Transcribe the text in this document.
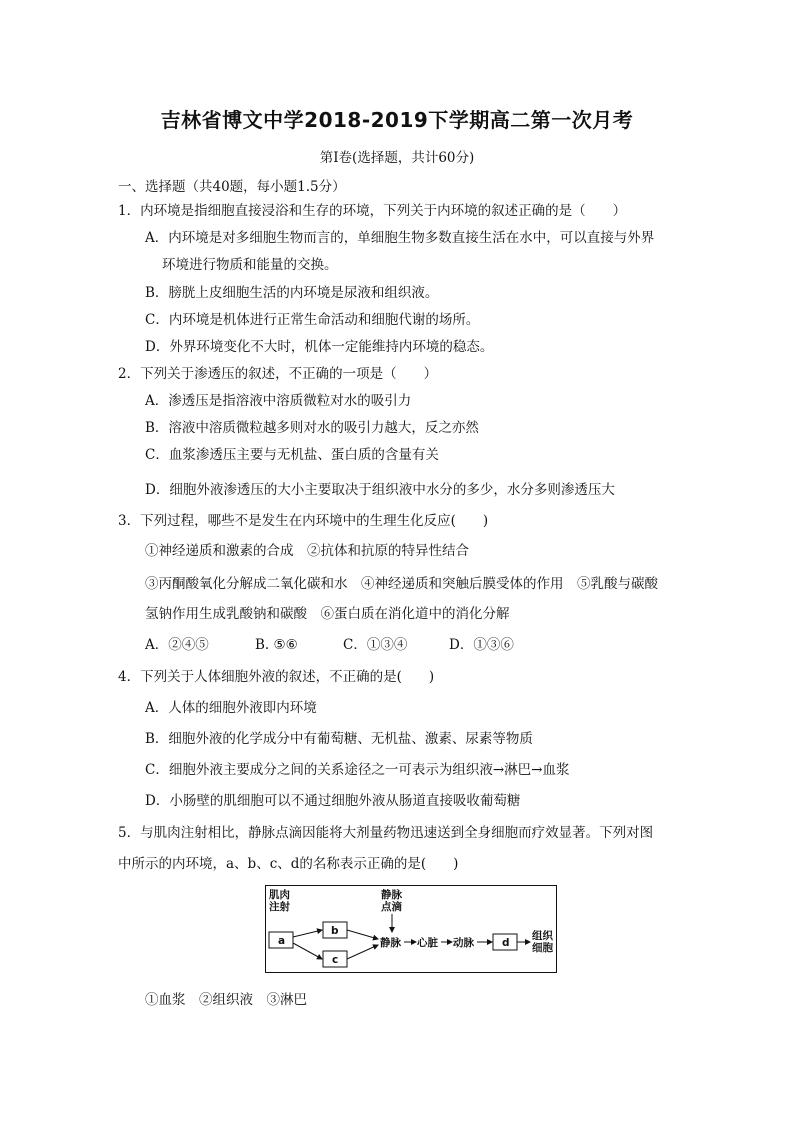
吉林省博文中学2018-2019下学期高二第一次月考
第Ⅰ卷(选择题，共计60分)
一、选择题（共40题，每小题1.5分）
1．内环境是指细胞直接浸浴和生存的环境，下列关于内环境的叙述正确的是（　　）
A．内环境是对多细胞生物而言的，单细胞生物多数直接生活在水中，可以直接与外界
环境进行物质和能量的交换。
B．膀胱上皮细胞生活的内环境是尿液和组织液。
C．内环境是机体进行正常生命活动和细胞代谢的场所。
D．外界环境变化不大时，机体一定能维持内环境的稳态。
2．下列关于渗透压的叙述，不正确的一项是（　　）
A．渗透压是指溶液中溶质微粒对水的吸引力
B．溶液中溶质微粒越多则对水的吸引力越大，反之亦然
C．血浆渗透压主要与无机盐、蛋白质的含量有关
D．细胞外液渗透压的大小主要取决于组织液中水分的多少，水分多则渗透压大
3．下列过程，哪些不是发生在内环境中的生理生化反应(　　)
①神经递质和激素的合成　②抗体和抗原的特异性结合
③丙酮酸氧化分解成二氧化碳和水　④神经递质和突触后膜受体的作用　⑤乳酸与碳酸
氢钠作用生成乳酸钠和碳酸　⑥蛋白质在消化道中的消化分解
A．②④⑤	B. ⑤⑥	C．①③④	D．①③⑥
4．下列关于人体细胞外液的叙述，不正确的是(　　)
A．人体的细胞外液即内环境
B．细胞外液的化学成分中有葡萄糖、无机盐、激素、尿素等物质
C．细胞外液主要成分之间的关系途径之一可表示为组织液→淋巴→血浆
D．小肠壁的肌细胞可以不通过细胞外液从肠道直接吸收葡萄糖
5．与肌肉注射相比，静脉点滴因能将大剂量药物迅速送到全身细胞而疗效显著。下列对图
中所示的内环境，a、b、c、d的名称表示正确的是(　　)
肌肉
注射
静脉
点滴
a
b
c
静脉 心脏 动脉	d
组织
细胞
①血浆　②组织液　③淋巴
